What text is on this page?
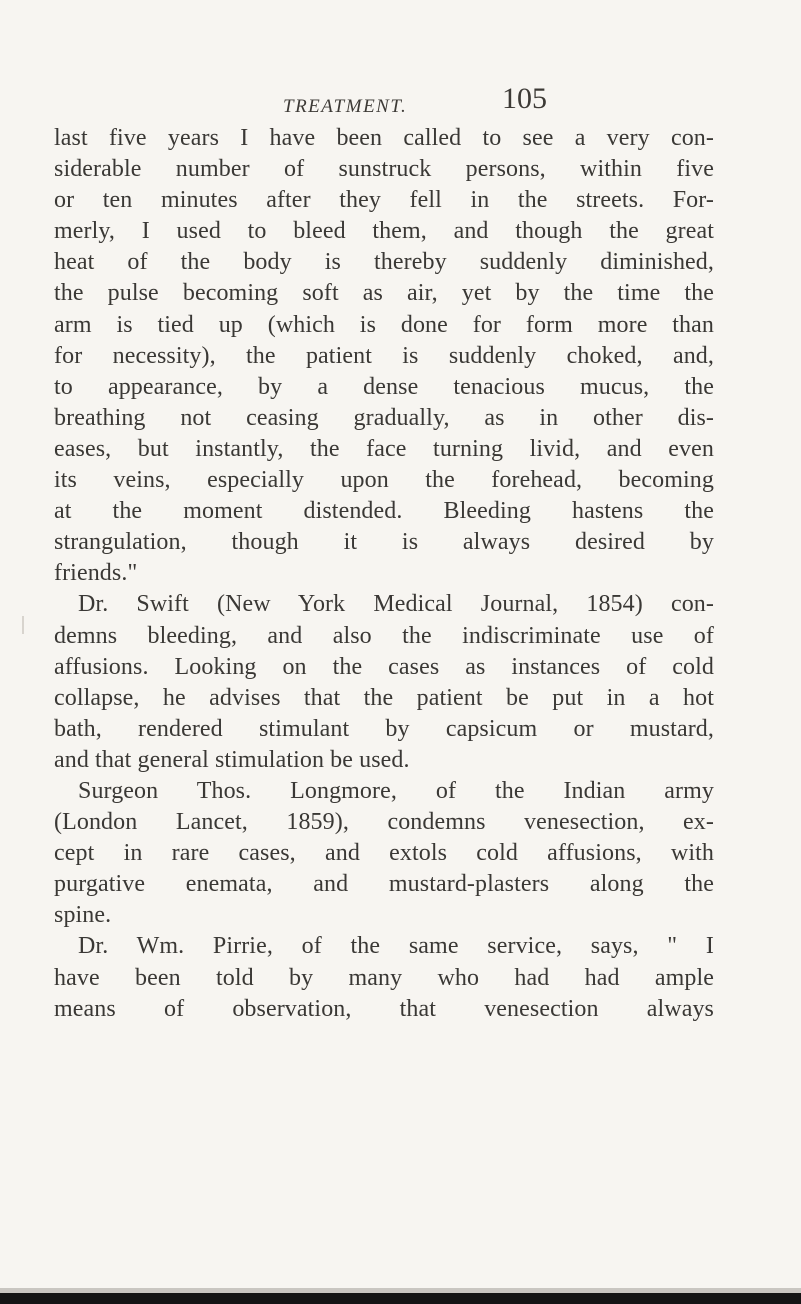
TREATMENT.	105
last five years I have been called to see a very con-
siderable number of sunstruck persons, within five
or ten minutes after they fell in the streets. For-
merly, I used to bleed them, and though the great
heat of the body is thereby suddenly diminished,
the pulse becoming soft as air, yet by the time the
arm is tied up (which is done for form more than
for necessity), the patient is suddenly choked, and,
to appearance, by a dense tenacious mucus, the
breathing not ceasing gradually, as in other dis-
eases, but instantly, the face turning livid, and even
its veins, especially upon the forehead, becoming
at the moment distended. Bleeding hastens the
strangulation, though it is always desired by
friends."
Dr. Swift (New York Medical Journal, 1854) con-
demns bleeding, and also the indiscriminate use of
affusions. Looking on the cases as instances of cold
collapse, he advises that the patient be put in a hot
bath, rendered stimulant by capsicum or mustard,
and that general stimulation be used.
Surgeon Thos. Longmore, of the Indian army
(London Lancet, 1859), condemns venesection, ex-
cept in rare cases, and extols cold affusions, with
purgative enemata, and mustard-plasters along the
spine.
Dr. Wm. Pirrie, of the same service, says, " I
have been told by many who had had ample
means of observation, that venesection always
